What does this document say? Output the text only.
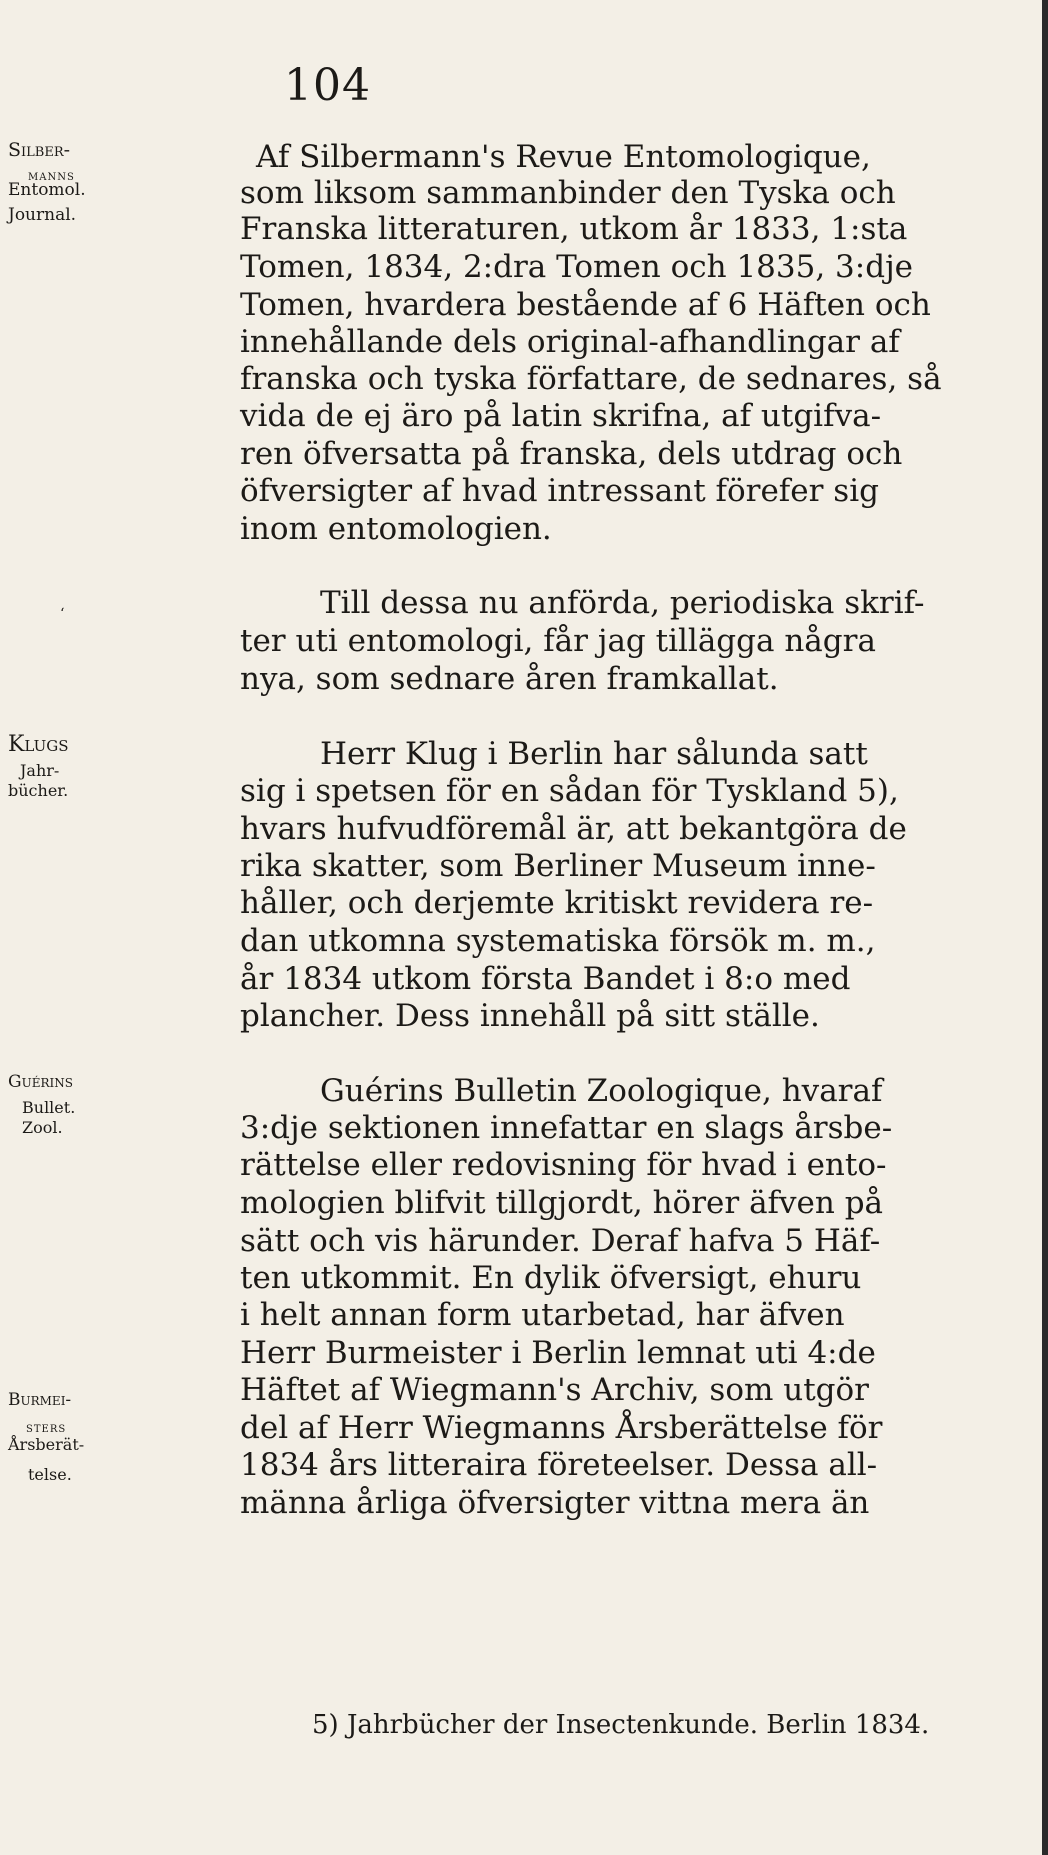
104
Silber-
manns
Entomol.
Journal.
Klugs
Jahr-
bücher.
Guérins
Bullet.
Zool.
Burmei-
sters
Årsberät-
telse.
‘
Af Silbermann's Revue Entomologique,
som liksom sammanbinder den Tyska och
Franska litteraturen, utkom år 1833, 1:sta
Tomen, 1834, 2:dra Tomen och 1835, 3:dje
Tomen, hvardera bestående af 6 Häften och
innehållande dels original-afhandlingar af
franska och tyska författare, de sednares, så
vida de ej äro på latin skrifna, af utgifva-
ren öfversatta på franska, dels utdrag och
öfversigter af hvad intressant förefer sig
inom entomologien.
Till dessa nu anförda, periodiska skrif-
ter uti entomologi, får jag tillägga några
nya, som sednare åren framkallat.
Herr Klug i Berlin har sålunda satt
sig i spetsen för en sådan för Tyskland 5),
hvars hufvudföremål är, att bekantgöra de
rika skatter, som Berliner Museum inne-
håller, och derjemte kritiskt revidera re-
dan utkomna systematiska försök m. m.,
år 1834 utkom första Bandet i 8:o med
plancher. Dess innehåll på sitt ställe.
Guérins Bulletin Zoologique, hvaraf
3:dje sektionen innefattar en slags årsbe-
rättelse eller redovisning för hvad i ento-
mologien blifvit tillgjordt, hörer äfven på
sätt och vis härunder. Deraf hafva 5 Häf-
ten utkommit. En dylik öfversigt, ehuru
i helt annan form utarbetad, har äfven
Herr Burmeister i Berlin lemnat uti 4:de
Häftet af Wiegmann's Archiv, som utgör
del af Herr Wiegmanns Årsberättelse för
1834 års litteraira företeelser. Dessa all-
männa årliga öfversigter vittna mera än
5) Jahrbücher der Insectenkunde. Berlin 1834.
